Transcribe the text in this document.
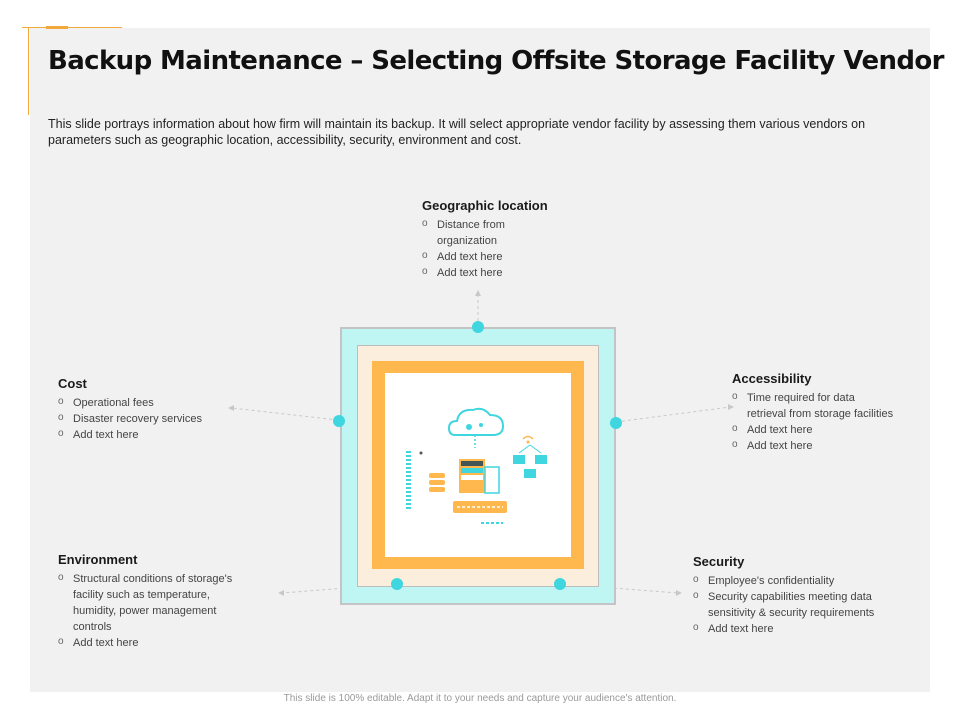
Backup Maintenance – Selecting Offsite Storage Facility Vendor

This slide portrays information about how firm will maintain its backup. It will select appropriate vendor facility by assessing them various vendors on parameters such as geographic location, accessibility, security, environment and cost.

Geographic location
o Distance from
organization
o Add text here
o Add text here
Cost
o Operational fees
o Disaster recovery services
o Add text here
Accessibility
o Time required for data
retrieval from storage facilities
o Add text here
o Add text here
Environment
o Structural conditions of storage's
facility such as temperature,
humidity, power management
controls
o Add text here
Security
o Employee's confidentiality
o Security capabilities meeting data
sensitivity & security requirements
o Add text here
This slide is 100% editable. Adapt it to your needs and capture your audience's attention.
